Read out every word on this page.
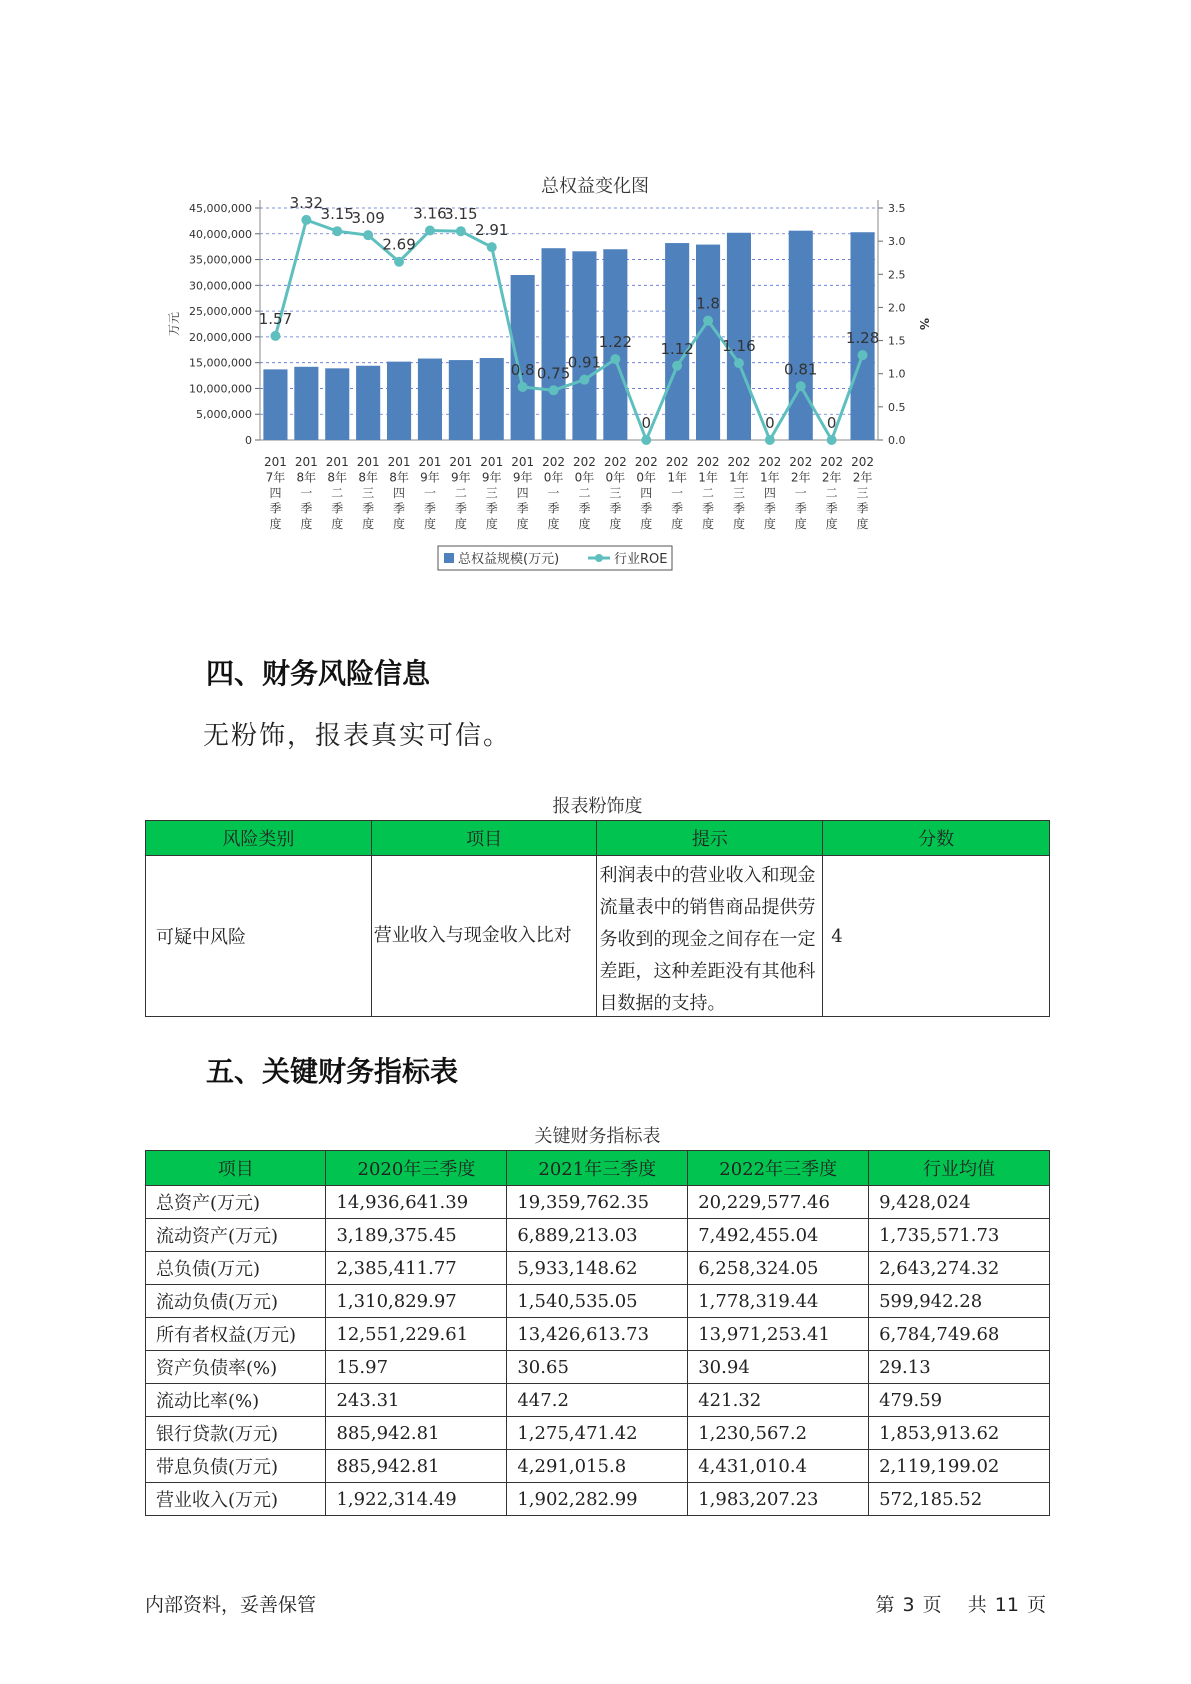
总权益变化图
0
5,000,000
10,000,000
15,000,000
20,000,000
25,000,000
30,000,000
35,000,000
40,000,000
45,000,000
0.0
0.5
1.0
1.5
2.0
2.5
3.0
3.5
万元	%
201
7年
四
季
度
201
8年
一
季
度
201
8年
二
季
度
201
8年
三
季
度
201
8年
四
季
度
201
9年
一
季
度
201
9年
二
季
度
201
9年
三
季
度
201
9年
四
季
度
202
0年
一
季
度
202
0年
二
季
度
202
0年
三
季
度
202
0年
四
季
度
202
1年
一
季
度
202
1年
二
季
度
202
1年
三
季
度
202
1年
四
季
度
202
2年
一
季
度
202
2年
二
季
度
202
2年
三
季
度
1.57
3.32
3.15
3.09
2.69
3.16
3.15
2.91
0.8 0.75
0.91
1.22
0
1.12
1.8
1.16
0
0.81
0
1.28
总权益规模(万元)	行业ROE
四、财务风险信息
无粉饰，报表真实可信。
报表粉饰度
风险类别	项目	提示	分数
可疑中风险	营业收入与现金收入比对	利润表中的营业收入和现金流量表中的销售商品提供劳务收到的现金之间存在一定差距，这种差距没有其他科目数据的支持。	4
五、关键财务指标表
关键财务指标表
项目	2020年三季度	2021年三季度	2022年三季度	行业均值
总资产(万元)	14,936,641.39	19,359,762.35	20,229,577.46	9,428,024
流动资产(万元)	3,189,375.45	6,889,213.03	7,492,455.04	1,735,571.73
总负债(万元)	2,385,411.77	5,933,148.62	6,258,324.05	2,643,274.32
流动负债(万元)	1,310,829.97	1,540,535.05	1,778,319.44	599,942.28
所有者权益(万元)	12,551,229.61	13,426,613.73	13,971,253.41	6,784,749.68
资产负债率(%)	15.97	30.65	30.94	29.13
流动比率(%)	243.31	447.2	421.32	479.59
银行贷款(万元)	885,942.81	1,275,471.42	1,230,567.2	1,853,913.62
带息负债(万元)	885,942.81	4,291,015.8	4,431,010.4	2,119,199.02
营业收入(万元)	1,922,314.49	1,902,282.99	1,983,207.23	572,185.52
内部资料，妥善保管	第 3 页 共 11 页
